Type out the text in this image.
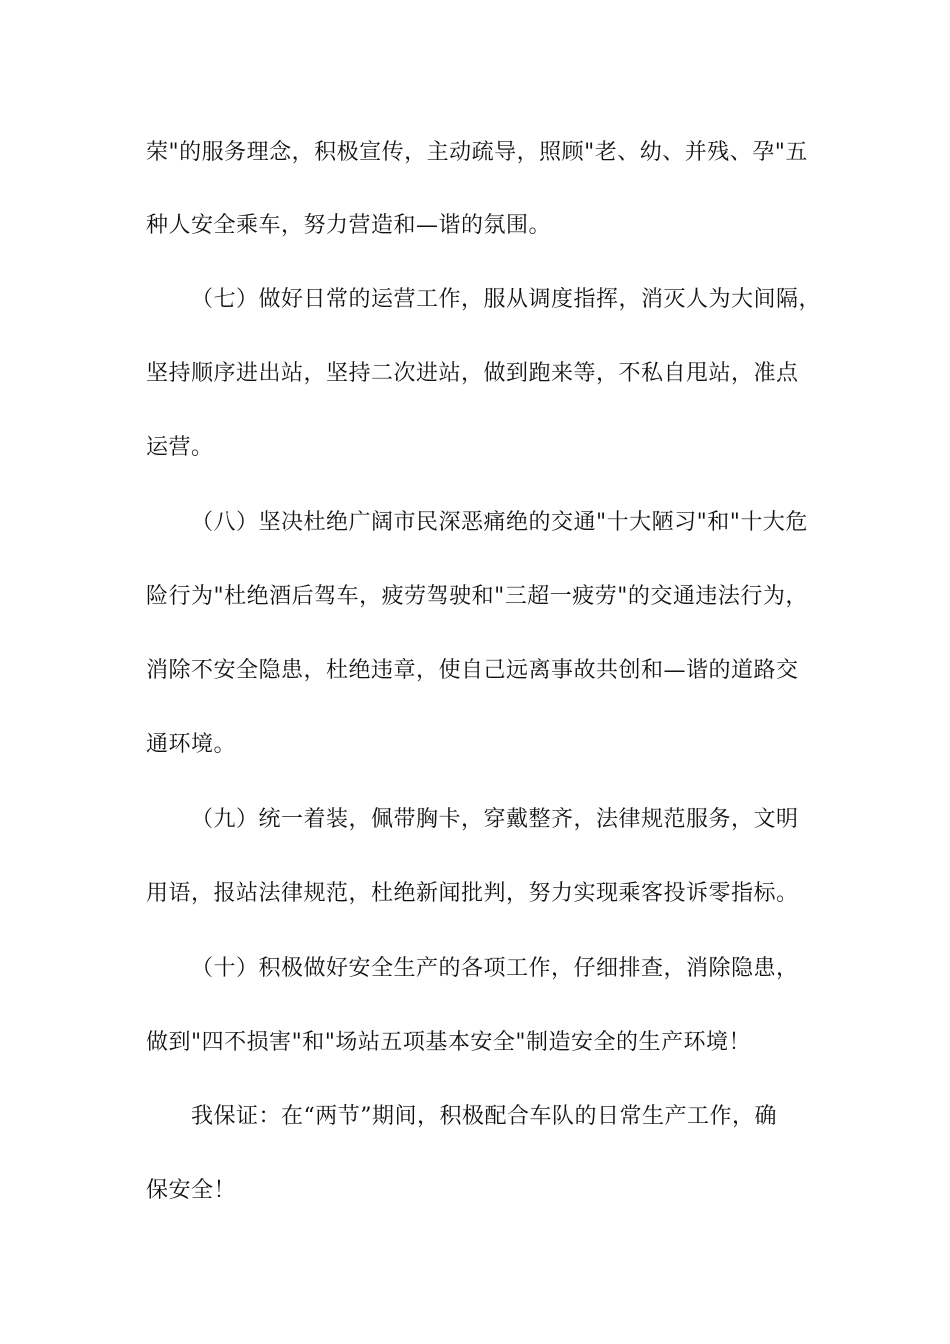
荣"的服务理念，积极宣传，主动疏导，照顾"老、幼、并残、孕"五
种人安全乘车，努力营造和—谐的氛围。
（七）做好日常的运营工作，服从调度指挥，消灭人为大间隔，
坚持顺序进出站，坚持二次进站，做到跑来等，不私自甩站，准点
运营。
（八）坚决杜绝广阔市民深恶痛绝的交通"十大陋习"和"十大危
险行为"杜绝酒后驾车，疲劳驾驶和"三超一疲劳"的交通违法行为，
消除不安全隐患，杜绝违章，使自己远离事故共创和—谐的道路交
通环境。
（九）统一着装，佩带胸卡，穿戴整齐，法律规范服务，文明
用语，报站法律规范，杜绝新闻批判，努力实现乘客投诉零指标。
（十）积极做好安全生产的各项工作，仔细排查，消除隐患，
做到"四不损害"和"场站五项基本安全"制造安全的生产环境！
我保证：在“两节”期间，积极配合车队的日常生产工作，确
保安全！
